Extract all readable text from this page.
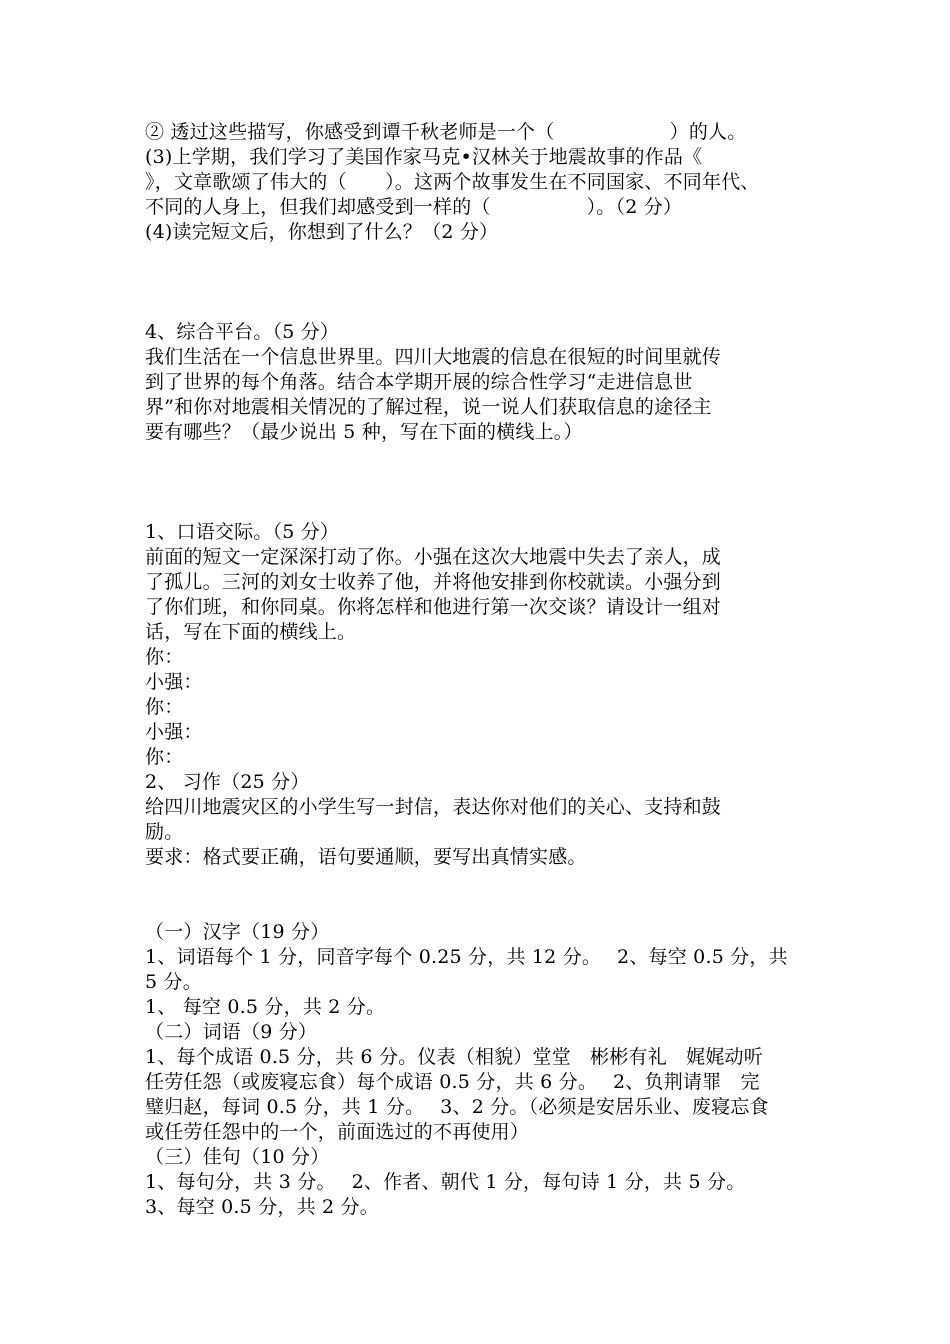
② 透过这些描写，你感受到谭千秋老师是一个（　　　　　　）的人。
(3)上学期，我们学习了美国作家马克•汉林关于地震故事的作品《
》，文章歌颂了伟大的（　　）。这两个故事发生在不同国家、不同年代、
不同的人身上，但我们却感受到一样的（　　　　　）。（2 分）
(4)读完短文后，你想到了什么？（2 分）
4、综合平台。（5 分）
我们生活在一个信息世界里。四川大地震的信息在很短的时间里就传
到了世界的每个角落。结合本学期开展的综合性学习“走进信息世
界”和你对地震相关情况的了解过程，说一说人们获取信息的途径主
要有哪些？（最少说出 5 种，写在下面的横线上。）
1、口语交际。（5 分）
前面的短文一定深深打动了你。小强在这次大地震中失去了亲人，成
了孤儿。三河的刘女士收养了他，并将他安排到你校就读。小强分到
了你们班，和你同桌。你将怎样和他进行第一次交谈？请设计一组对
话，写在下面的横线上。
你：
小强：
你：
小强：
你：
2、 习作（25 分）
给四川地震灾区的小学生写一封信，表达你对他们的关心、支持和鼓
励。
要求：格式要正确，语句要通顺，要写出真情实感。
（一）汉字（19 分）
1、词语每个 1 分，同音字每个 0.25 分，共 12 分。　 2、每空 0.5 分，共
5 分。
1、 每空 0.5 分，共 2 分。
（二）词语（9 分）
1、每个成语 0.5 分，共 6 分。仪表（相貌）堂堂　彬彬有礼　娓娓动听
任劳任怨（或废寝忘食）每个成语 0.5 分，共 6 分。　 2、负荆请罪　完
璧归赵，每词 0.5 分，共 1 分。　 3、2 分。（必须是安居乐业、废寝忘食
或任劳任怨中的一个，前面选过的不再使用）
（三）佳句（10 分）
1、每句分，共 3 分。　 2、作者、朝代 1 分，每句诗 1 分，共 5 分。
3、每空 0.5 分，共 2 分。
